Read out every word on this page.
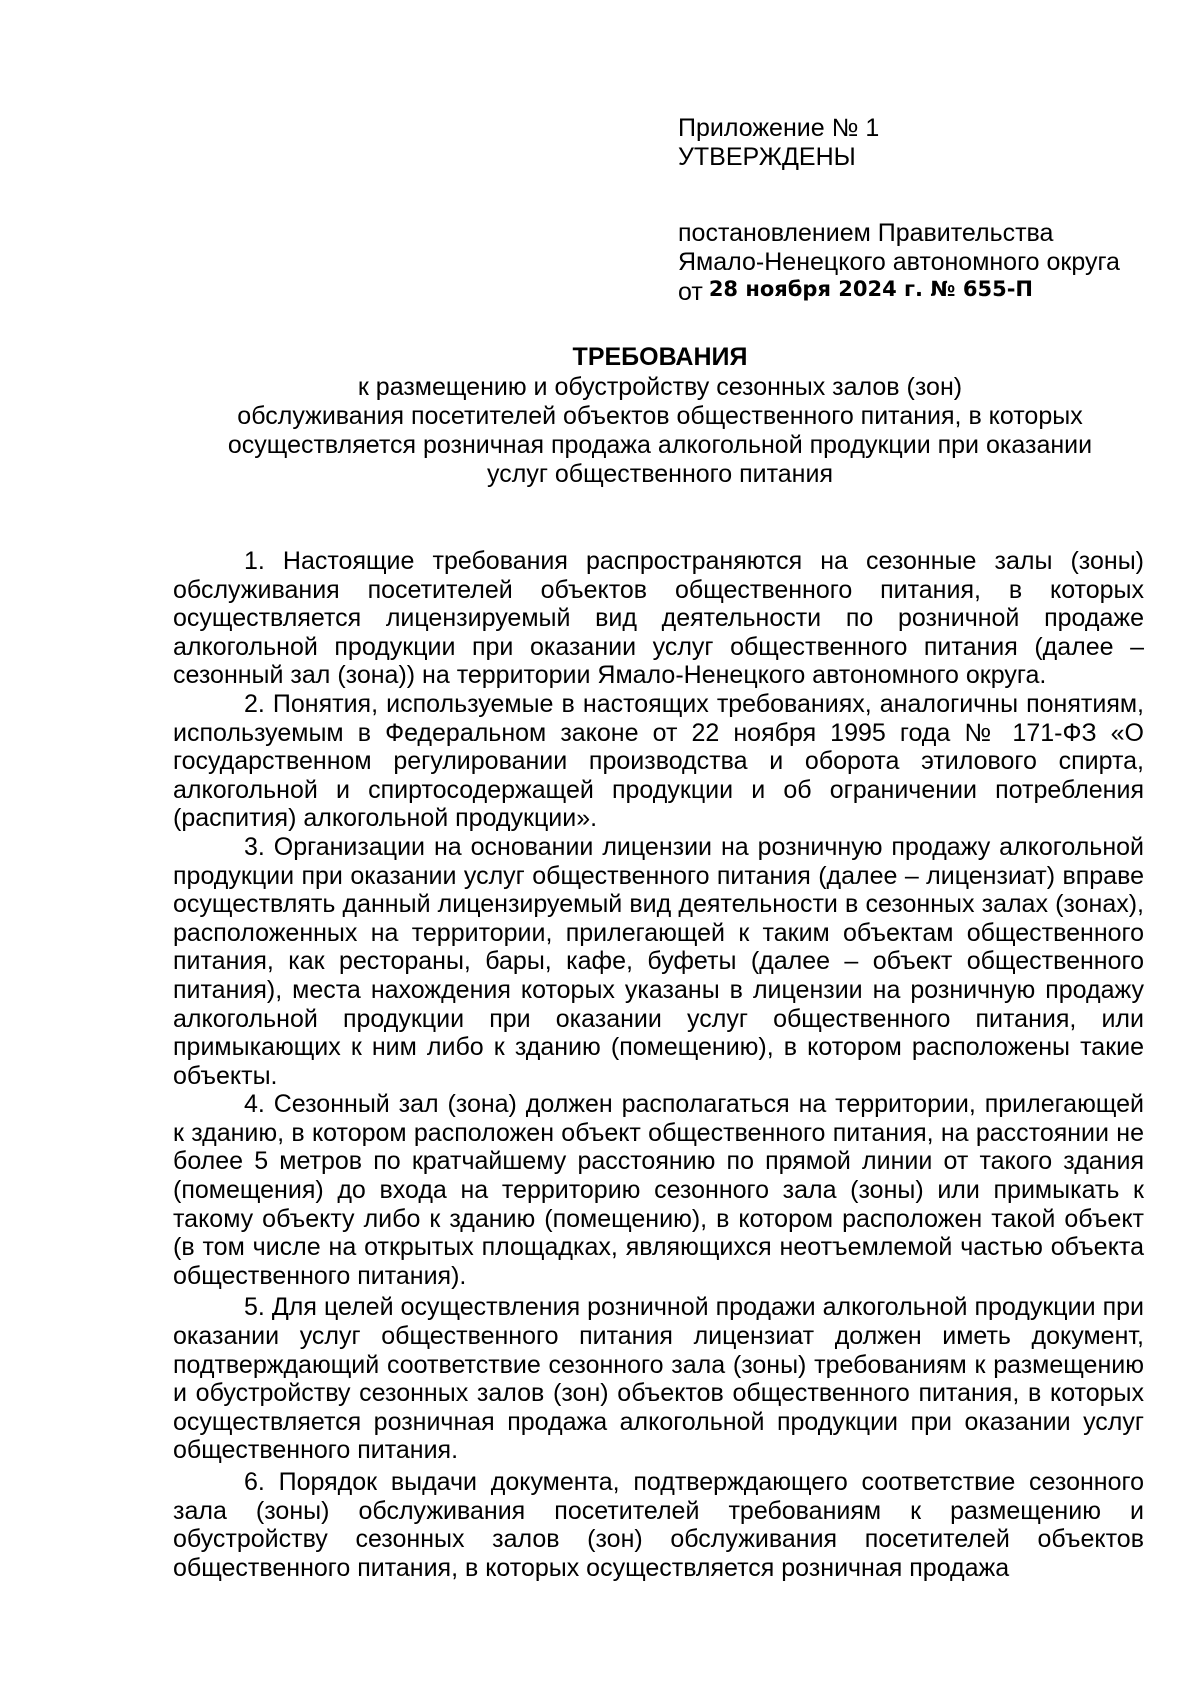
Приложение № 1
УТВЕРЖДЕНЫ
постановлением Правительства
Ямало-Ненецкого автономного округа
от 28 ноября 2024 г. № 655-П
ТРЕБОВАНИЯ
к размещению и обустройству сезонных залов (зон)
обслуживания посетителей объектов общественного питания, в которых
осуществляется розничная продажа алкогольной продукции при оказании
услуг общественного питания

1. Настоящие требования распространяются на сезонные залы (зоны) обслуживания посетителей объектов общественного питания, в которых осуществляется лицензируемый вид деятельности по розничной продаже алкогольной продукции при оказании услуг общественного питания (далее – сезонный зал (зона)) на территории Ямало-Ненецкого автономного округа.

2. Понятия, используемые в настоящих требованиях, аналогичны понятиям, используемым в Федеральном законе от 22 ноября 1995 года № 171-ФЗ «О государственном регулировании производства и оборота этилового спирта, алкогольной и спиртосодержащей продукции и об ограничении потребления (распития) алкогольной продукции».

3. Организации на основании лицензии на розничную продажу алкогольной продукции при оказании услуг общественного питания (далее – лицензиат) вправе осуществлять данный лицензируемый вид деятельности в сезонных залах (зонах), расположенных на территории, прилегающей к таким объектам общественного питания, как рестораны, бары, кафе, буфеты (далее – объект общественного питания), места нахождения которых указаны в лицензии на розничную продажу алкогольной продукции при оказании услуг общественного питания, или примыкающих к ним либо к зданию (помещению), в котором расположены такие объекты.

4. Сезонный зал (зона) должен располагаться на территории, прилегающей к зданию, в котором расположен объект общественного питания, на расстоянии не более 5 метров по кратчайшему расстоянию по прямой линии от такого здания (помещения) до входа на территорию сезонного зала (зоны) или примыкать к такому объекту либо к зданию (помещению), в котором расположен такой объект (в том числе на открытых площадках, являющихся неотъемлемой частью объекта общественного питания).

5. Для целей осуществления розничной продажи алкогольной продукции при оказании услуг общественного питания лицензиат должен иметь документ, подтверждающий соответствие сезонного зала (зоны) требованиям к размещению и обустройству сезонных залов (зон) объектов общественного питания, в которых осуществляется розничная продажа алкогольной продукции при оказании услуг общественного питания.

6. Порядок выдачи документа, подтверждающего соответствие сезонного зала (зоны) обслуживания посетителей требованиям к размещению и обустройству сезонных залов (зон) обслуживания посетителей объектов общественного питания, в которых осуществляется розничная продажа
